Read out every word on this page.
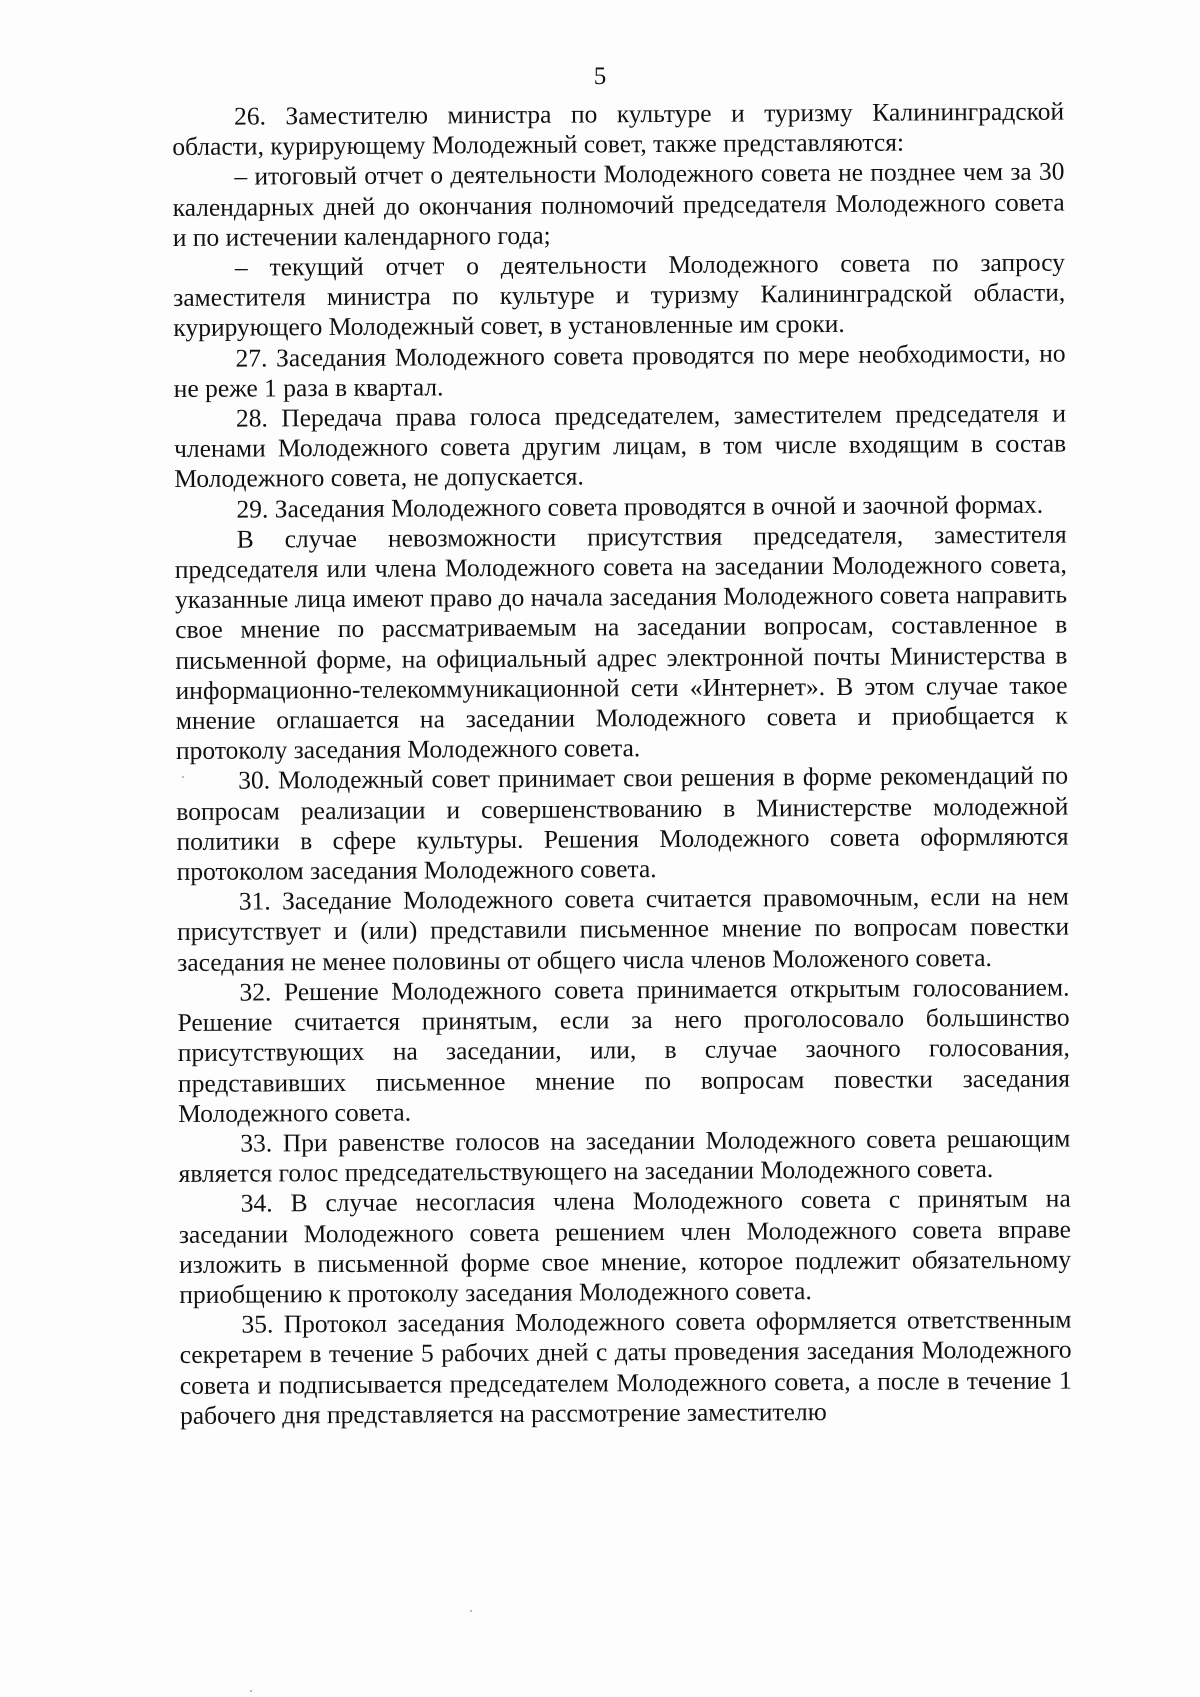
5

26. Заместителю министра по культуре и туризму Калининградской области, курирующему Молодежный совет, также представляются:

– итоговый отчет о деятельности Молодежного совета не позднее чем за 30 календарных дней до окончания полномочий председателя Молодежного совета и по истечении календарного года;

– текущий отчет о деятельности Молодежного совета по запросу заместителя министра по культуре и туризму Калининградской области, курирующего Молодежный совет, в установленные им сроки.

27. Заседания Молодежного совета проводятся по мере необходимости, но не реже 1 раза в квартал.

28. Передача права голоса председателем, заместителем председателя и членами Молодежного совета другим лицам, в том числе входящим в состав Молодежного совета, не допускается.

29. Заседания Молодежного совета проводятся в очной и заочной формах.

В случае невозможности присутствия председателя, заместителя председателя или члена Молодежного совета на заседании Молодежного совета, указанные лица имеют право до начала заседания Молодежного совета направить свое мнение по рассматриваемым на заседании вопросам, составленное в письменной форме, на официальный адрес электронной почты Министерства в информационно-телекоммуникационной сети «Интернет». В этом случае такое мнение оглашается на заседании Молодежного совета и приобщается к протоколу заседания Молодежного совета.

30. Молодежный совет принимает свои решения в форме рекомендаций по вопросам реализации и совершенствованию в Министерстве молодежной политики в сфере культуры. Решения Молодежного совета оформляются протоколом заседания Молодежного совета.

31. Заседание Молодежного совета считается правомочным, если на нем присутствует и (или) представили письменное мнение по вопросам повестки заседания не менее половины от общего числа членов Моложеного совета.

32. Решение Молодежного совета принимается открытым голосованием. Решение считается принятым, если за него проголосовало большинство присутствующих на заседании, или, в случае заочного голосования, представивших письменное мнение по вопросам повестки заседания Молодежного совета.

33. При равенстве голосов на заседании Молодежного совета решающим является голос председательствующего на заседании Молодежного совета.

34. В случае несогласия члена Молодежного совета с принятым на заседании Молодежного совета решением член Молодежного совета вправе изложить в письменной форме свое мнение, которое подлежит обязательному приобщению к протоколу заседания Молодежного совета.

35. Протокол заседания Молодежного совета оформляется ответственным секретарем в течение 5 рабочих дней с даты проведения заседания Молодежного совета и подписывается председателем Молодежного совета, а после в течение 1 рабочего дня представляется на рассмотрение заместителю
